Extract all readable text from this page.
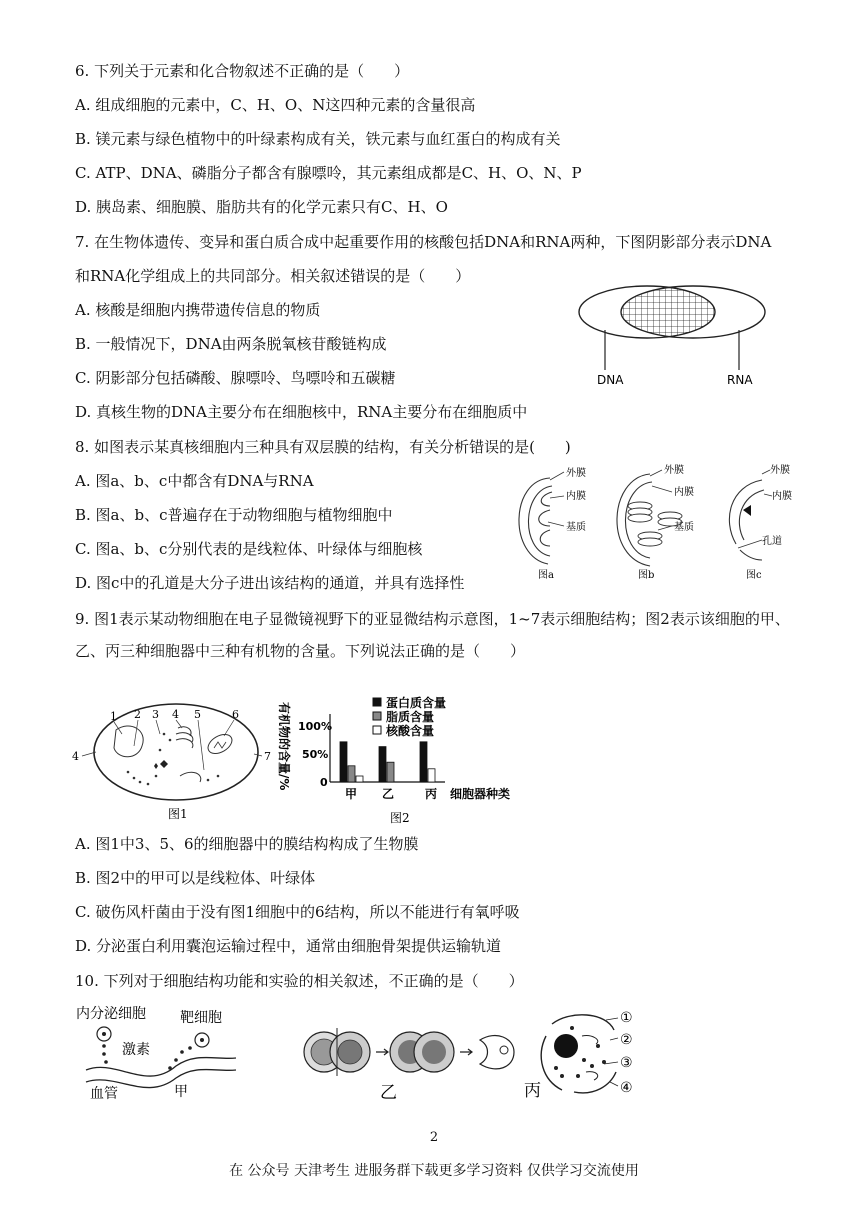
6. 下列关于元素和化合物叙述不正确的是（　　）
A. 组成细胞的元素中，C、H、O、N这四种元素的含量很高
B. 镁元素与绿色植物中的叶绿素构成有关，铁元素与血红蛋白的构成有关
C. ATP、DNA、磷脂分子都含有腺嘌呤，其元素组成都是C、H、O、N、P
D. 胰岛素、细胞膜、脂肪共有的化学元素只有C、H、O
7. 在生物体遗传、变异和蛋白质合成中起重要作用的核酸包括DNA和RNA两种，下图阴影部分表示DNA
和RNA化学组成上的共同部分。相关叙述错误的是（　　）
A. 核酸是细胞内携带遗传信息的物质
B. 一般情况下，DNA由两条脱氧核苷酸链构成
C. 阴影部分包括磷酸、腺嘌呤、鸟嘌呤和五碳糖
D. 真核生物的DNA主要分布在细胞核中，RNA主要分布在细胞质中
DNA	RNA
8. 如图表示某真核细胞内三种具有双层膜的结构，有关分析错误的是(　　)
A. 图a、b、c中都含有DNA与RNA
B. 图a、b、c普遍存在于动物细胞与植物细胞中
C. 图a、b、c分别代表的是线粒体、叶绿体与细胞核
D. 图c中的孔道是大分子进出该结构的通道，并具有选择性
外膜
内膜
基质
图a
外膜
内膜
基质
图b
外膜
内膜
孔道
图c
9. 图1表示某动物细胞在电子显微镜视野下的亚显微结构示意图，1~7表示细胞结构；图2表示该细胞的甲、
乙、丙三种细胞器中三种有机物的含量。下列说法正确的是（　　）
1 2 3 4 5	6
4	7
图1
有机物的含量/% 100%
50%
0
甲 乙	丙 细胞器种类
蛋白质含量
脂质含量
核酸含量
图2
A. 图1中3、5、6的细胞器中的膜结构构成了生物膜
B. 图2中的甲可以是线粒体、叶绿体
C. 破伤风杆菌由于没有图1细胞中的6结构，所以不能进行有氧呼吸
D. 分泌蛋白利用囊泡运输过程中，通常由细胞骨架提供运输轨道
10. 下列对于细胞结构功能和实验的相关叙述，不正确的是（　　）
内分泌细胞 靶细胞
激素
血管	甲	乙
①
②
③
④
丙
2
在 公众号 天津考生 进服务群下载更多学习资料 仅供学习交流使用
